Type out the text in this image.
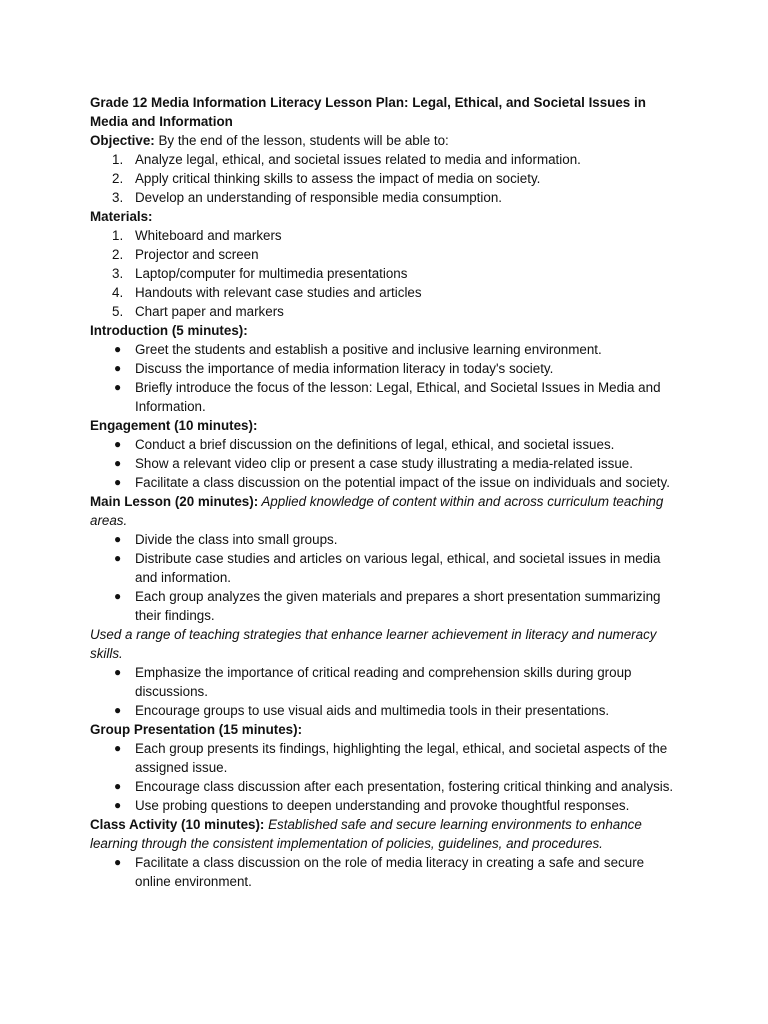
Grade 12 Media Information Literacy Lesson Plan: Legal, Ethical, and Societal Issues in Media and Information

Objective: By the end of the lesson, students will be able to:

1. Analyze legal, ethical, and societal issues related to media and information.
2. Apply critical thinking skills to assess the impact of media on society.
3. Develop an understanding of responsible media consumption.

Materials:

1. Whiteboard and markers
2. Projector and screen
3. Laptop/computer for multimedia presentations
4. Handouts with relevant case studies and articles
5. Chart paper and markers

Introduction (5 minutes):

● Greet the students and establish a positive and inclusive learning environment.
● Discuss the importance of media information literacy in today's society.
● Briefly introduce the focus of the lesson: Legal, Ethical, and Societal Issues in Media and Information.

Engagement (10 minutes):

● Conduct a brief discussion on the definitions of legal, ethical, and societal issues.
● Show a relevant video clip or present a case study illustrating a media-related issue.
● Facilitate a class discussion on the potential impact of the issue on individuals and society.

Main Lesson (20 minutes): Applied knowledge of content within and across curriculum teaching areas.

● Divide the class into small groups.
● Distribute case studies and articles on various legal, ethical, and societal issues in media and information.
● Each group analyzes the given materials and prepares a short presentation summarizing their findings.

Used a range of teaching strategies that enhance learner achievement in literacy and numeracy skills.

● Emphasize the importance of critical reading and comprehension skills during group discussions.
● Encourage groups to use visual aids and multimedia tools in their presentations.

Group Presentation (15 minutes):

● Each group presents its findings, highlighting the legal, ethical, and societal aspects of the assigned issue.
● Encourage class discussion after each presentation, fostering critical thinking and analysis.
● Use probing questions to deepen understanding and provoke thoughtful responses.

Class Activity (10 minutes): Established safe and secure learning environments to enhance learning through the consistent implementation of policies, guidelines, and procedures.

● Facilitate a class discussion on the role of media literacy in creating a safe and secure online environment.
